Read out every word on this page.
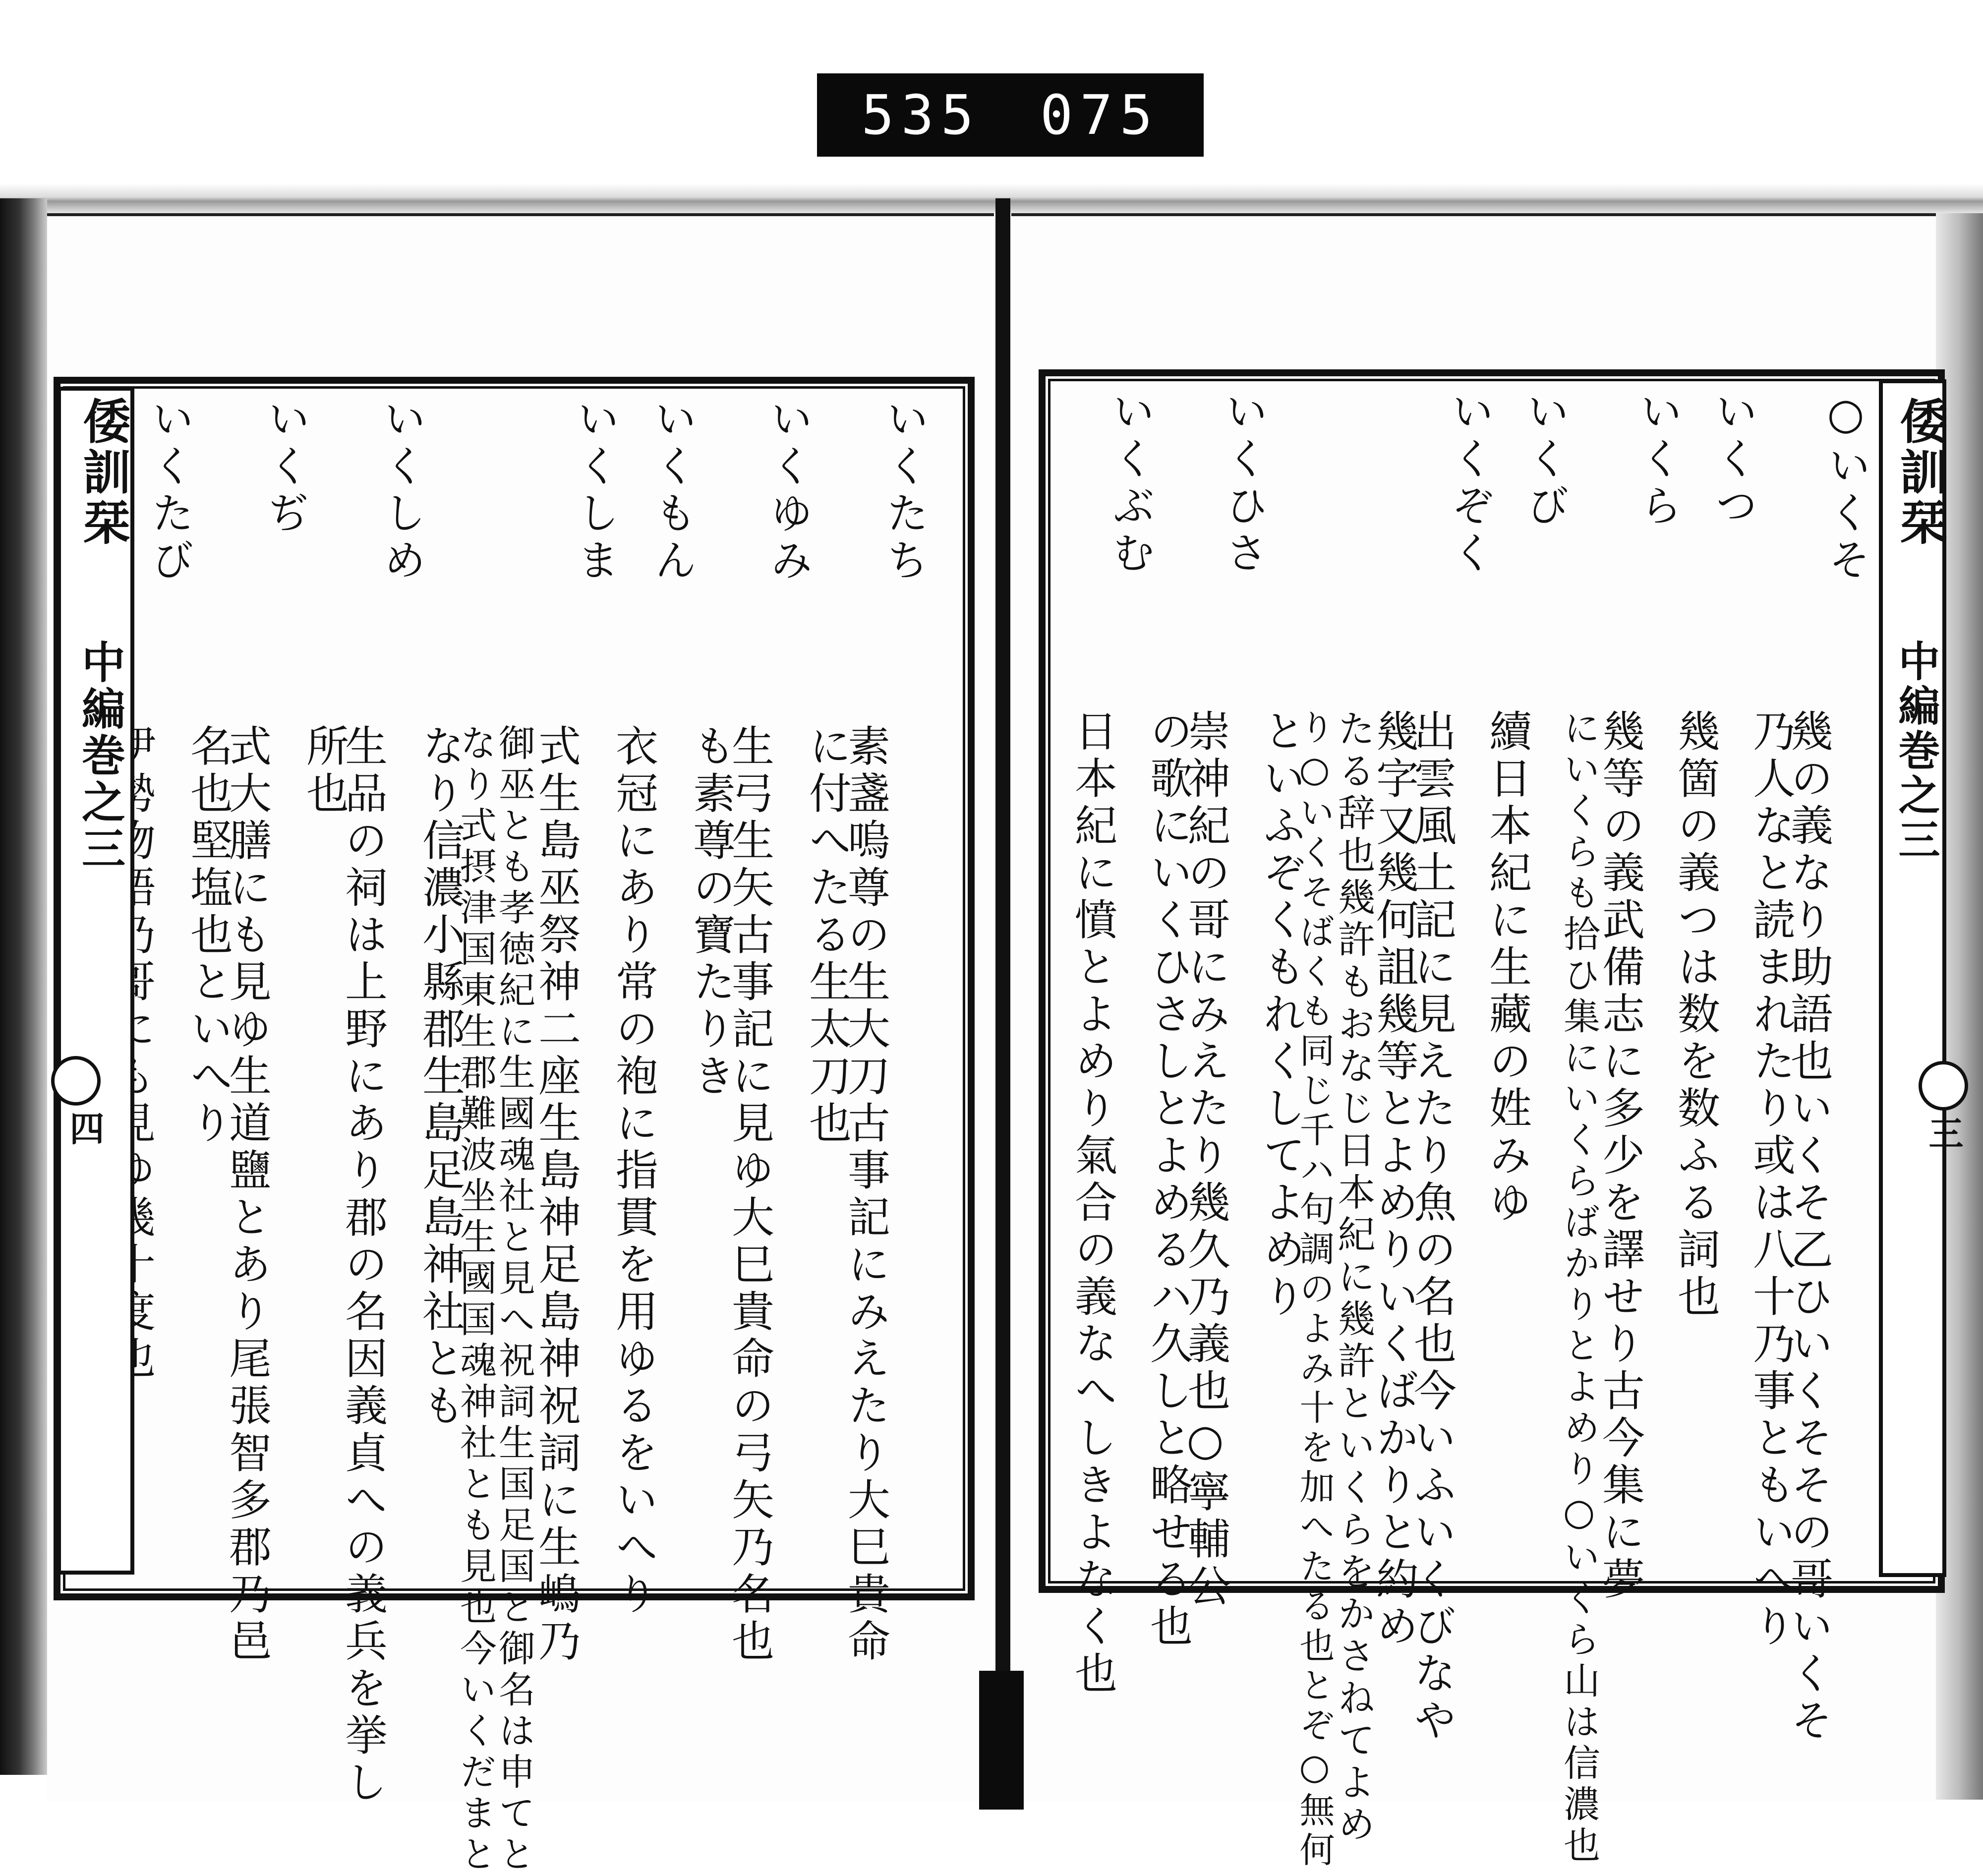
535 075
いくたち
素盞嗚尊の生大刀古事記にみえたり大巳貴命
に付へたる生太刀也
いくゆみ
生弓生矢古事記に見ゆ大巳貴命の弓矢乃名也
も素尊の寶たりき
いくもん
衣冠にあり常の袍に指貫を用ゆるをいへり
いくしま
式生島巫祭神二座生島神足島神祝詞に生嶋乃
御巫とも孝徳紀に生國魂社と見へ祝詞生国足国と御名は申てと
なり式摂津国東生郡難波坐生國国魂神社とも見也今いくだまと
なり信濃小縣郡生島足島神社とも
いくしめ
生品の祠は上野にあり郡の名因義貞への義兵を挙し
所也
いくぢ
式大膳にも見ゆ生道鹽とあり尾張智多郡乃邑
名也堅塩也といへり
いくたび
倭訓栞
中編巻之三
四
○いくそ
幾の義なり助語也いくそ乙ひいくそその哥いくそ
乃人なと読まれたり或は八十乃事ともいへり
いくつ
幾箇の義つは数を数ふる詞也
いくら
幾等の義武備志に多少を譯せり古今集に夢
にいくらも拾ひ集にいくらばかりとよめり○いくら山は信濃也
いくび
續日本紀に生藏の姓みゆ
いくぞく
出雲風土記に見えたり魚の名也今いふいくびなや
幾字又幾何詛幾等とよめりいくばかりと約め
たる辞也幾許もおなじ日本紀に幾許といくらをかさねてよめ
り○いくそばくも同じ千ハ句調のよみ十を加へたる也とぞ○無何
といふぞくもれくしてよめり
いくひさ
崇神紀の哥にみえたり幾久乃義也○寧輔公
の歌にいくひさしとよめるハ久しと略せる也
いくぶむ
日本紀に憤とよめり氣合の義なへしきよなく也
倭訓栞
中編巻之三
三
